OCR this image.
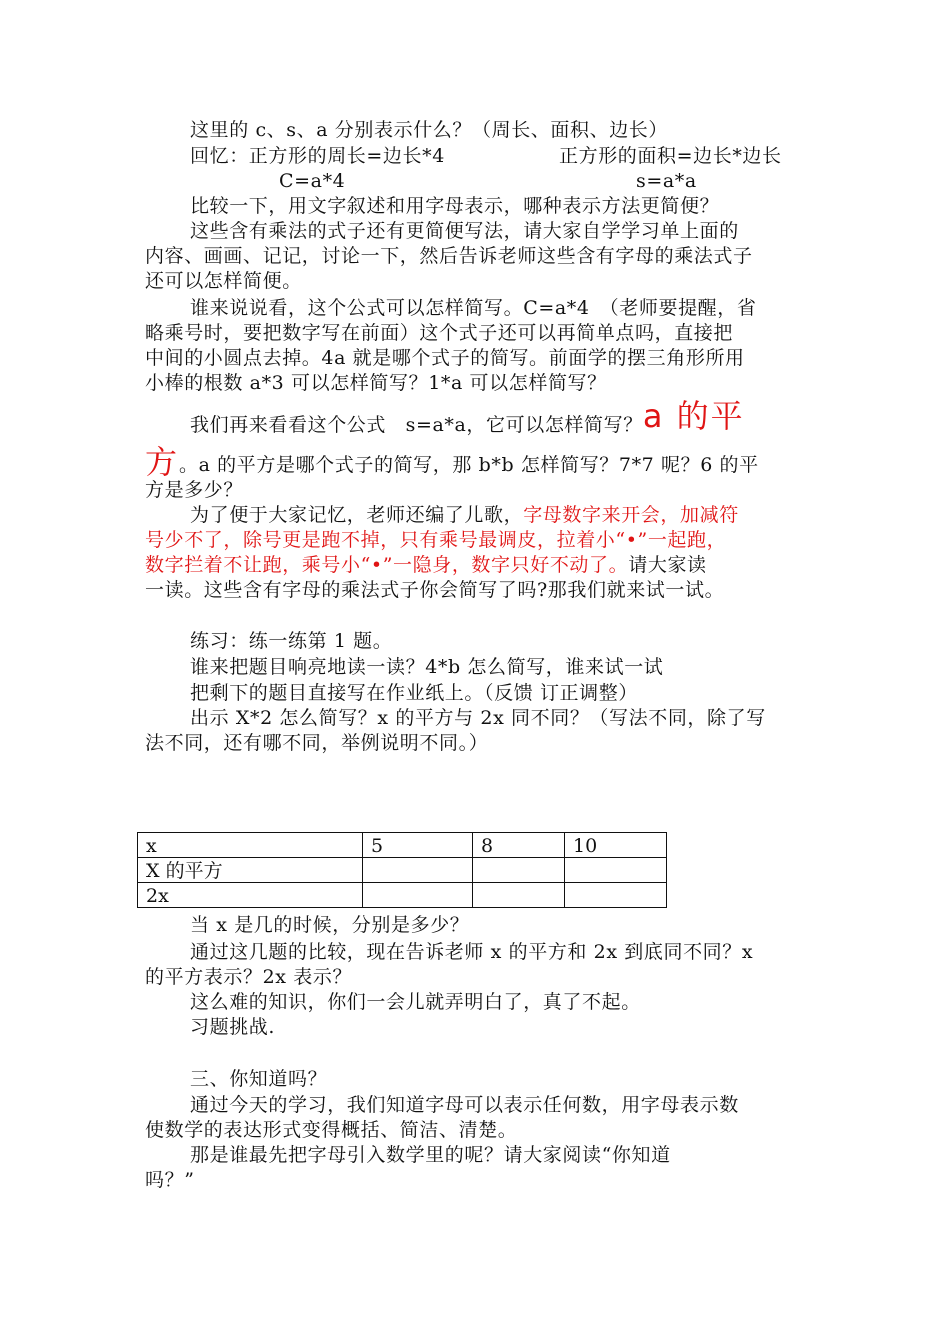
这里的 c、s、a 分别表示什么？（周长、面积、边长）
回忆：正方形的周长=边长*4	正方形的面积=边长*边长
C=a*4	s=a*a
比较一下，用文字叙述和用字母表示，哪种表示方法更简便？
这些含有乘法的式子还有更简便写法，请大家自学学习单上面的
内容、画画、记记，讨论一下，然后告诉老师这些含有字母的乘法式子
还可以怎样简便。
谁来说说看，这个公式可以怎样简写。C=a*4　（老师要提醒，省
略乘号时，要把数字写在前面）这个式子还可以再简单点吗，直接把
中间的小圆点去掉。4a 就是哪个式子的简写。前面学的摆三角形所用
小棒的根数 a*3 可以怎样简写？1*a 可以怎样简写？
我们再来看看这个公式　s=a*a，它可以怎样简写？a 的平
方。a 的平方是哪个式子的简写，那 b*b 怎样简写？7*7 呢？6 的平
方是多少？
为了便于大家记忆，老师还编了儿歌，字母数字来开会，加减符
号少不了，除号更是跑不掉，只有乘号最调皮，拉着小“•”一起跑，
数字拦着不让跑，乘号小“•”一隐身，数字只好不动了。请大家读
一读。这些含有字母的乘法式子你会简写了吗?那我们就来试一试。
练习：练一练第 1 题。
谁来把题目响亮地读一读？4*b 怎么简写，谁来试一试
把剩下的题目直接写在作业纸上。（反馈 订正调整）
出示 X*2 怎么简写？x 的平方与 2x 同不同？（写法不同，除了写
法不同，还有哪不同，举例说明不同。）
x	5	8	10
X 的平方			
2x			
当 x 是几的时候，分别是多少？
通过这几题的比较，现在告诉老师 x 的平方和 2x 到底同不同？x
的平方表示？2x 表示？
这么难的知识，你们一会儿就弄明白了，真了不起。
习题挑战.
三、你知道吗？
通过今天的学习，我们知道字母可以表示任何数，用字母表示数
使数学的表达形式变得概括、简洁、清楚。
那是谁最先把字母引入数学里的呢？请大家阅读“你知道
吗？”
